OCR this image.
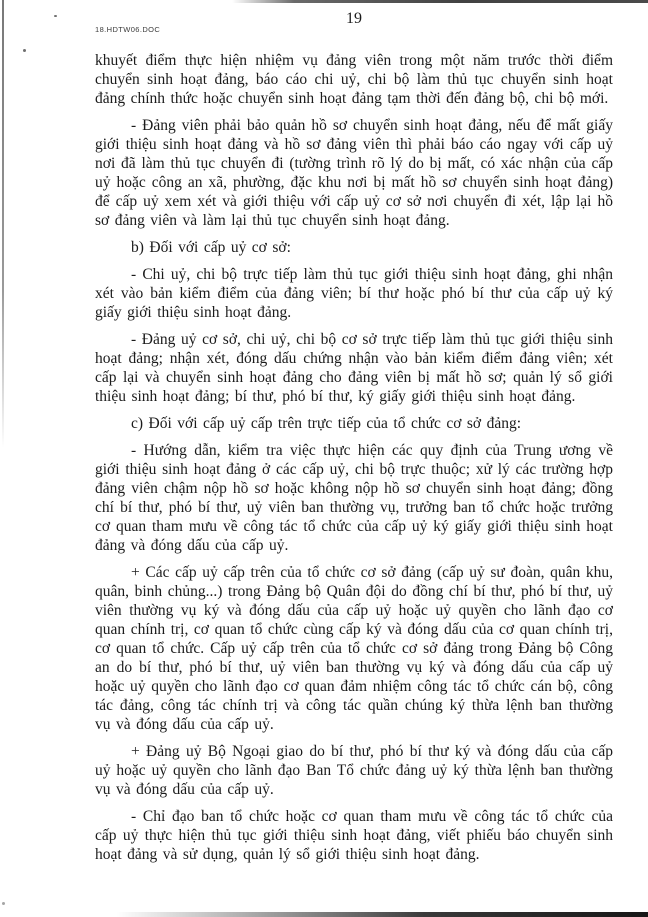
18.HDTW06.DOC
19

khuyết điểm thực hiện nhiệm vụ đảng viên trong một năm trước thời điểm chuyển sinh hoạt đảng, báo cáo chi uỷ, chi bộ làm thủ tục chuyển sinh hoạt đảng chính thức hoặc chuyển sinh hoạt đảng tạm thời đến đảng bộ, chi bộ mới.

- Đảng viên phải bảo quản hồ sơ chuyển sinh hoạt đảng, nếu để mất giấy giới thiệu sinh hoạt đảng và hồ sơ đảng viên thì phải báo cáo ngay với cấp uỷ nơi đã làm thủ tục chuyển đi (tường trình rõ lý do bị mất, có xác nhận của cấp uỷ hoặc công an xã, phường, đặc khu nơi bị mất hồ sơ chuyển sinh hoạt đảng) để cấp uỷ xem xét và giới thiệu với cấp uỷ cơ sở nơi chuyển đi xét, lập lại hồ sơ đảng viên và làm lại thủ tục chuyển sinh hoạt đảng.

b) Đối với cấp uỷ cơ sở:

- Chi uỷ, chi bộ trực tiếp làm thủ tục giới thiệu sinh hoạt đảng, ghi nhận xét vào bản kiểm điểm của đảng viên; bí thư hoặc phó bí thư của cấp uỷ ký giấy giới thiệu sinh hoạt đảng.

- Đảng uỷ cơ sở, chi uỷ, chi bộ cơ sở trực tiếp làm thủ tục giới thiệu sinh hoạt đảng; nhận xét, đóng dấu chứng nhận vào bản kiểm điểm đảng viên; xét cấp lại và chuyển sinh hoạt đảng cho đảng viên bị mất hồ sơ; quản lý sổ giới thiệu sinh hoạt đảng; bí thư, phó bí thư, ký giấy giới thiệu sinh hoạt đảng.

c) Đối với cấp uỷ cấp trên trực tiếp của tổ chức cơ sở đảng:

- Hướng dẫn, kiểm tra việc thực hiện các quy định của Trung ương về giới thiệu sinh hoạt đảng ở các cấp uỷ, chi bộ trực thuộc; xử lý các trường hợp đảng viên chậm nộp hồ sơ hoặc không nộp hồ sơ chuyển sinh hoạt đảng; đồng chí bí thư, phó bí thư, uỷ viên ban thường vụ, trưởng ban tổ chức hoặc trưởng cơ quan tham mưu về công tác tổ chức của cấp uỷ ký giấy giới thiệu sinh hoạt đảng và đóng dấu của cấp uỷ.

+ Các cấp uỷ cấp trên của tổ chức cơ sở đảng (cấp uỷ sư đoàn, quân khu, quân, binh chủng...) trong Đảng bộ Quân đội do đồng chí bí thư, phó bí thư, uỷ viên thường vụ ký và đóng dấu của cấp uỷ hoặc uỷ quyền cho lãnh đạo cơ quan chính trị, cơ quan tổ chức cùng cấp ký và đóng dấu của cơ quan chính trị, cơ quan tổ chức. Cấp uỷ cấp trên của tổ chức cơ sở đảng trong Đảng bộ Công an do bí thư, phó bí thư, uỷ viên ban thường vụ ký và đóng dấu của cấp uỷ hoặc uỷ quyền cho lãnh đạo cơ quan đảm nhiệm công tác tổ chức cán bộ, công tác đảng, công tác chính trị và công tác quần chúng ký thừa lệnh ban thường vụ và đóng dấu của cấp uỷ.

+ Đảng uỷ Bộ Ngoại giao do bí thư, phó bí thư ký và đóng dấu của cấp uỷ hoặc uỷ quyền cho lãnh đạo Ban Tổ chức đảng uỷ ký thừa lệnh ban thường vụ và đóng dấu của cấp uỷ.

- Chỉ đạo ban tổ chức hoặc cơ quan tham mưu về công tác tổ chức của cấp uỷ thực hiện thủ tục giới thiệu sinh hoạt đảng, viết phiếu báo chuyển sinh hoạt đảng và sử dụng, quản lý sổ giới thiệu sinh hoạt đảng.
